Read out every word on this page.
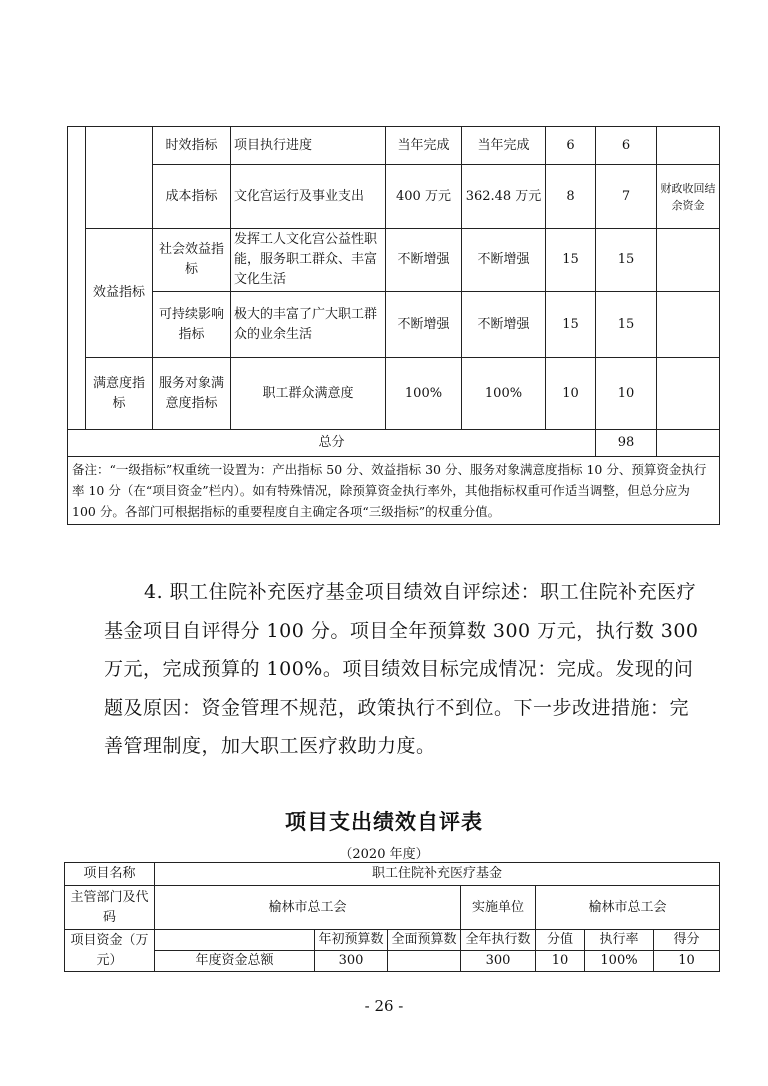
		时效指标	项目执行进度	当年完成	当年完成	6	6	
		成本指标	文化宫运行及事业支出	400 万元	362.48 万元	8	7	财政收回结余资金
	效益指标	社会效益指标	发挥工人文化宫公益性职能，服务职工群众、丰富文化生活	不断增强	不断增强	15	15	
		可持续影响指标	极大的丰富了广大职工群众的业余生活	不断增强	不断增强	15	15	
	满意度指标	服务对象满意度指标	职工群众满意度	100%	100%	10	10	
总分							98	
备注：“一级指标”权重统一设置为：产出指标 50 分、效益指标 30 分、服务对象满意度指标 10 分、预算资金执行率 10 分（在“项目资金”栏内）。如有特殊情况，除预算资金执行率外，其他指标权重可作适当调整，但总分应为 100 分。各部门可根据指标的重要程度自主确定各项“三级指标”的权重分值。								

4. 职工住院补充医疗基金项目绩效自评综述：职工住院补充医疗基金项目自评得分 100 分。项目全年预算数 300 万元，执行数 300 万元，完成预算的 100%。项目绩效目标完成情况：完成。发现的问题及原因：资金管理不规范，政策执行不到位。下一步改进措施：完善管理制度，加大职工医疗救助力度。

项目支出绩效自评表

（2020 年度）

项目名称	职工住院补充医疗基金						
主管部门及代码	榆林市总工会			实施单位	榆林市总工会		
项目资金（万元）		年初预算数	全面预算数	全年执行数	分值	执行率	得分
	年度资金总额	300		300	10	100%	10

- 26 -
